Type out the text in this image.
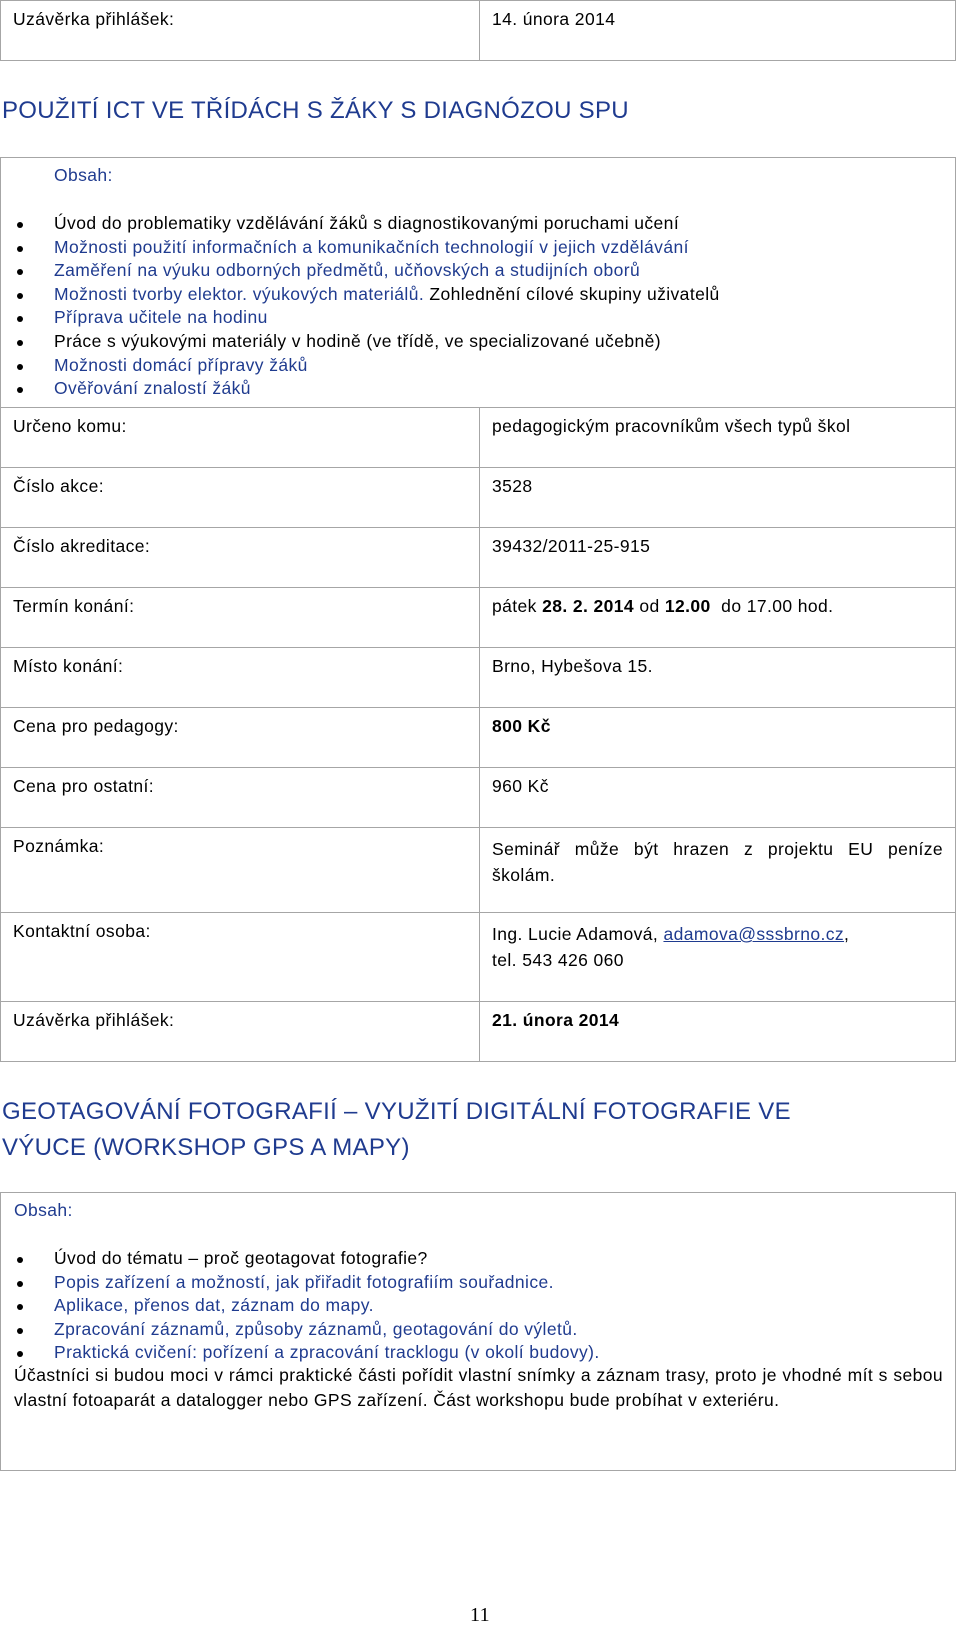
Uzávěrka přihlášek:	14. února 2014
POUŽITÍ ICT VE TŘÍDÁCH S ŽÁKY S DIAGNÓZOU SPU
Obsah:
Úvod do problematiky vzdělávání žáků s diagnostikovanými poruchami učení
Možnosti použití informačních a komunikačních technologií v jejich vzdělávání
Zaměření na výuku odborných předmětů, učňovských a studijních oborů
Možnosti tvorby elektor. výukových materiálů. Zohlednění cílové skupiny uživatelů
Příprava učitele na hodinu
Práce s výukovými materiály v hodině (ve třídě, ve specializované učebně)
Možnosti domácí přípravy žáků
Ověřování znalostí žáků
Určeno komu:	pedagogickým pracovníkům všech typů škol
Číslo akce:	3528
Číslo akreditace:	39432/2011-25-915
Termín konání:	pátek 28. 2. 2014 od 12.00  do 17.00 hod.
Místo konání:	Brno, Hybešova 15.
Cena pro pedagogy:	800 Kč
Cena pro ostatní:	960 Kč
Poznámka:	Seminář může být hrazen z projektu EU peníze školám.
Kontaktní osoba:	Ing. Lucie Adamová, adamova@sssbrno.cz,
tel. 543 426 060
Uzávěrka přihlášek:	21. února 2014
GEOTAGOVÁNÍ FOTOGRAFIÍ – VYUŽITÍ DIGITÁLNÍ FOTOGRAFIE VE
VÝUCE (WORKSHOP GPS A MAPY)
Obsah:
Úvod do tématu – proč geotagovat fotografie?
Popis zařízení a možností, jak přiřadit fotografiím souřadnice.
Aplikace, přenos dat, záznam do mapy.
Zpracování záznamů, způsoby záznamů, geotagování do výletů.
Praktická cvičení: pořízení a zpracování tracklogu (v okolí budovy).
Účastníci si budou moci v rámci praktické části pořídit vlastní snímky a záznam trasy, proto je vhodné mít s sebou vlastní fotoaparát a datalogger nebo GPS zařízení. Část workshopu bude probíhat v exteriéru.
11
